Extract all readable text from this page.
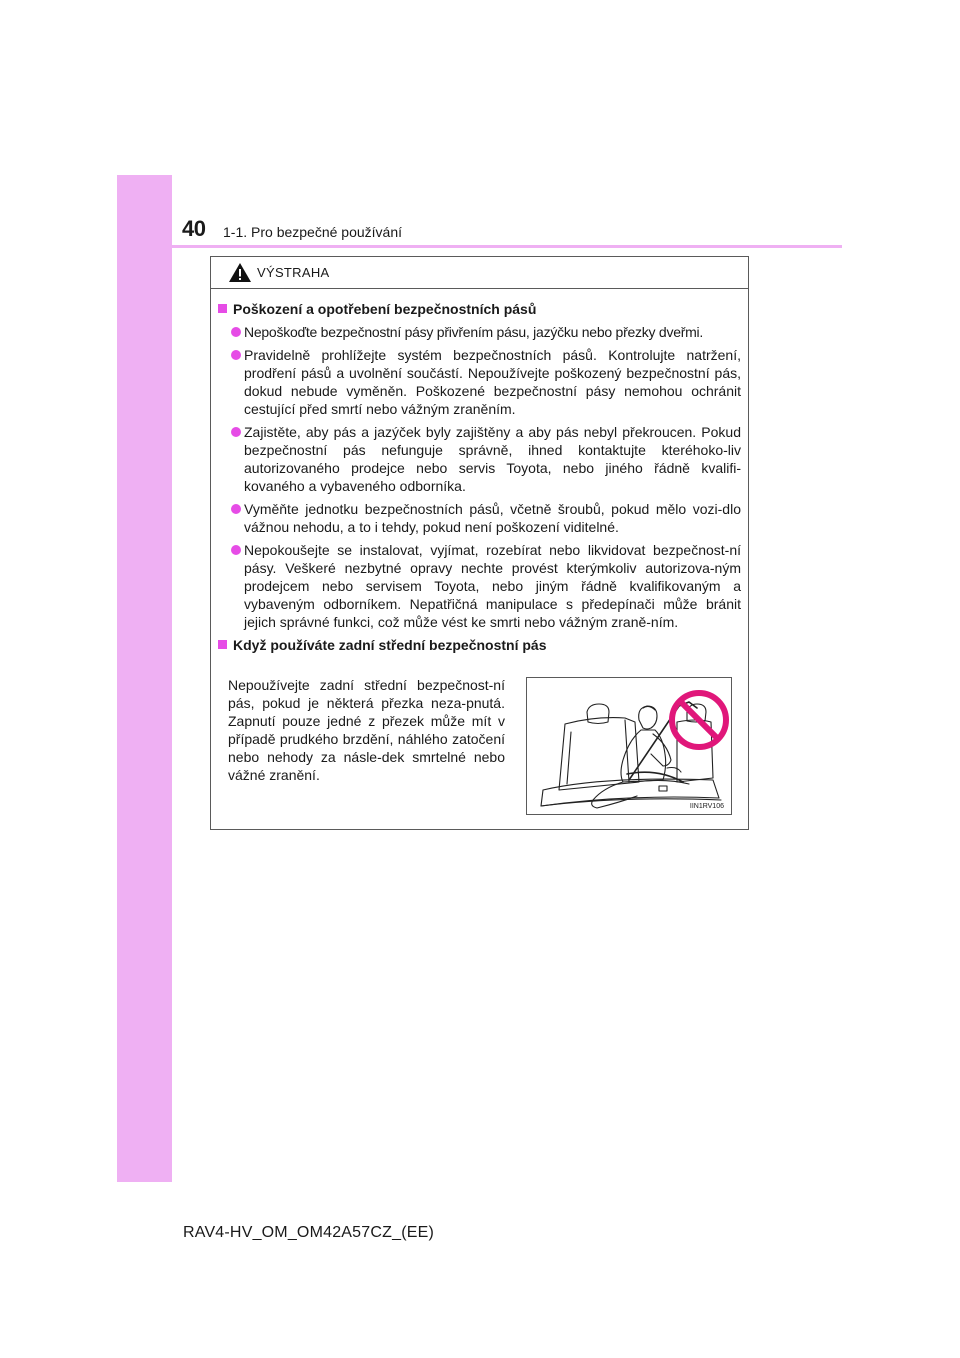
40 1-1. Pro bezpečné používání
VÝSTRAHA
Poškození a opotřebení bezpečnostních pásů
Nepoškoďte bezpečnostní pásy přivřením pásu, jazýčku nebo přezky dveřmi.
Pravidelně prohlížejte systém bezpečnostních pásů. Kontrolujte natržení, prodření pásů a uvolnění součástí. Nepoužívejte poškozený bezpečnostní pás, dokud nebude vyměněn. Poškozené bezpečnostní pásy nemohou ochránit cestující před smrtí nebo vážným zraněním.
Zajistěte, aby pás a jazýček byly zajištěny a aby pás nebyl překroucen. Pokud bezpečnostní pás nefunguje správně, ihned kontaktujte kteréhoko-liv autorizovaného prodejce nebo servis Toyota, nebo jiného řádně kvalifi-kovaného a vybaveného odborníka.
Vyměňte jednotku bezpečnostních pásů, včetně šroubů, pokud mělo vozi-dlo vážnou nehodu, a to i tehdy, pokud není poškození viditelné.
Nepokoušejte se instalovat, vyjímat, rozebírat nebo likvidovat bezpečnost-ní pásy. Veškeré nezbytné opravy nechte provést kterýmkoliv autorizova-ným prodejcem nebo servisem Toyota, nebo jiným řádně kvalifikovaným a vybaveným odborníkem. Nepatřičná manipulace s předepínači může bránit jejich správné funkci, což může vést ke smrti nebo vážným zraně-ním.
Když používáte zadní střední bezpečnostní pás
Nepoužívejte zadní střední bezpečnost-ní pás, pokud je některá přezka neza-pnutá. Zapnutí pouze jedné z přezek může mít v případě prudkého brzdění, náhlého zatočení nebo nehody za násle-dek smrtelné nebo vážné zranění.
IIN1RV106
RAV4-HV_OM_OM42A57CZ_(EE)
